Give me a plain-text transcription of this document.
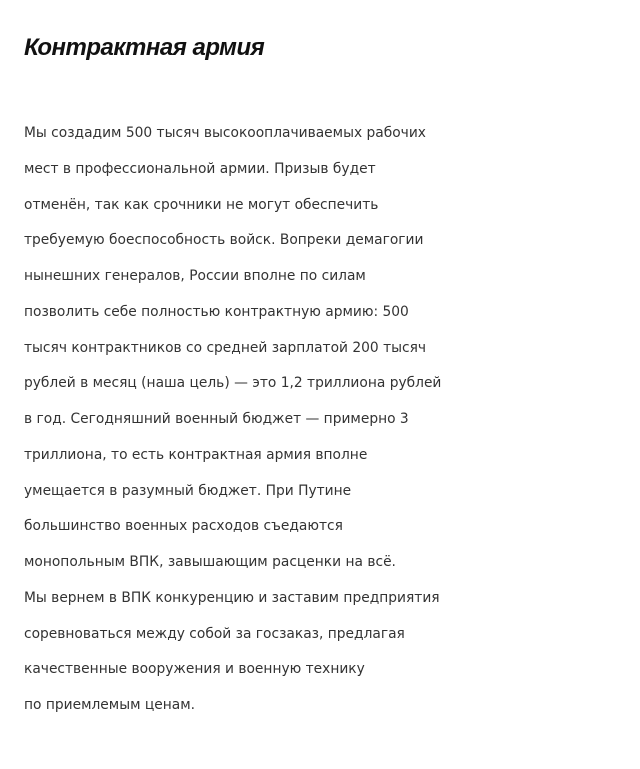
Контрактная армия
Мы создадим 500 тысяч высокооплачиваемых рабочих
мест в профессиональной армии. Призыв будет
отменён, так как срочники не могут обеспечить
требуемую боеспособность войск. Вопреки демагогии
нынешних генералов, России вполне по силам
позволить себе полностью контрактную армию: 500
тысяч контрактников со средней зарплатой 200 тысяч
рублей в месяц (наша цель) — это 1,2 триллиона рублей
в год. Сегодняшний военный бюджет — примерно 3
триллиона, то есть контрактная армия вполне
умещается в разумный бюджет. При Путине
большинство военных расходов съедаются
монопольным ВПК, завышающим расценки на всё.
Мы вернем в ВПК конкуренцию и заставим предприятия
соревноваться между собой за госзаказ, предлагая
качественные вооружения и военную технику
по приемлемым ценам.
